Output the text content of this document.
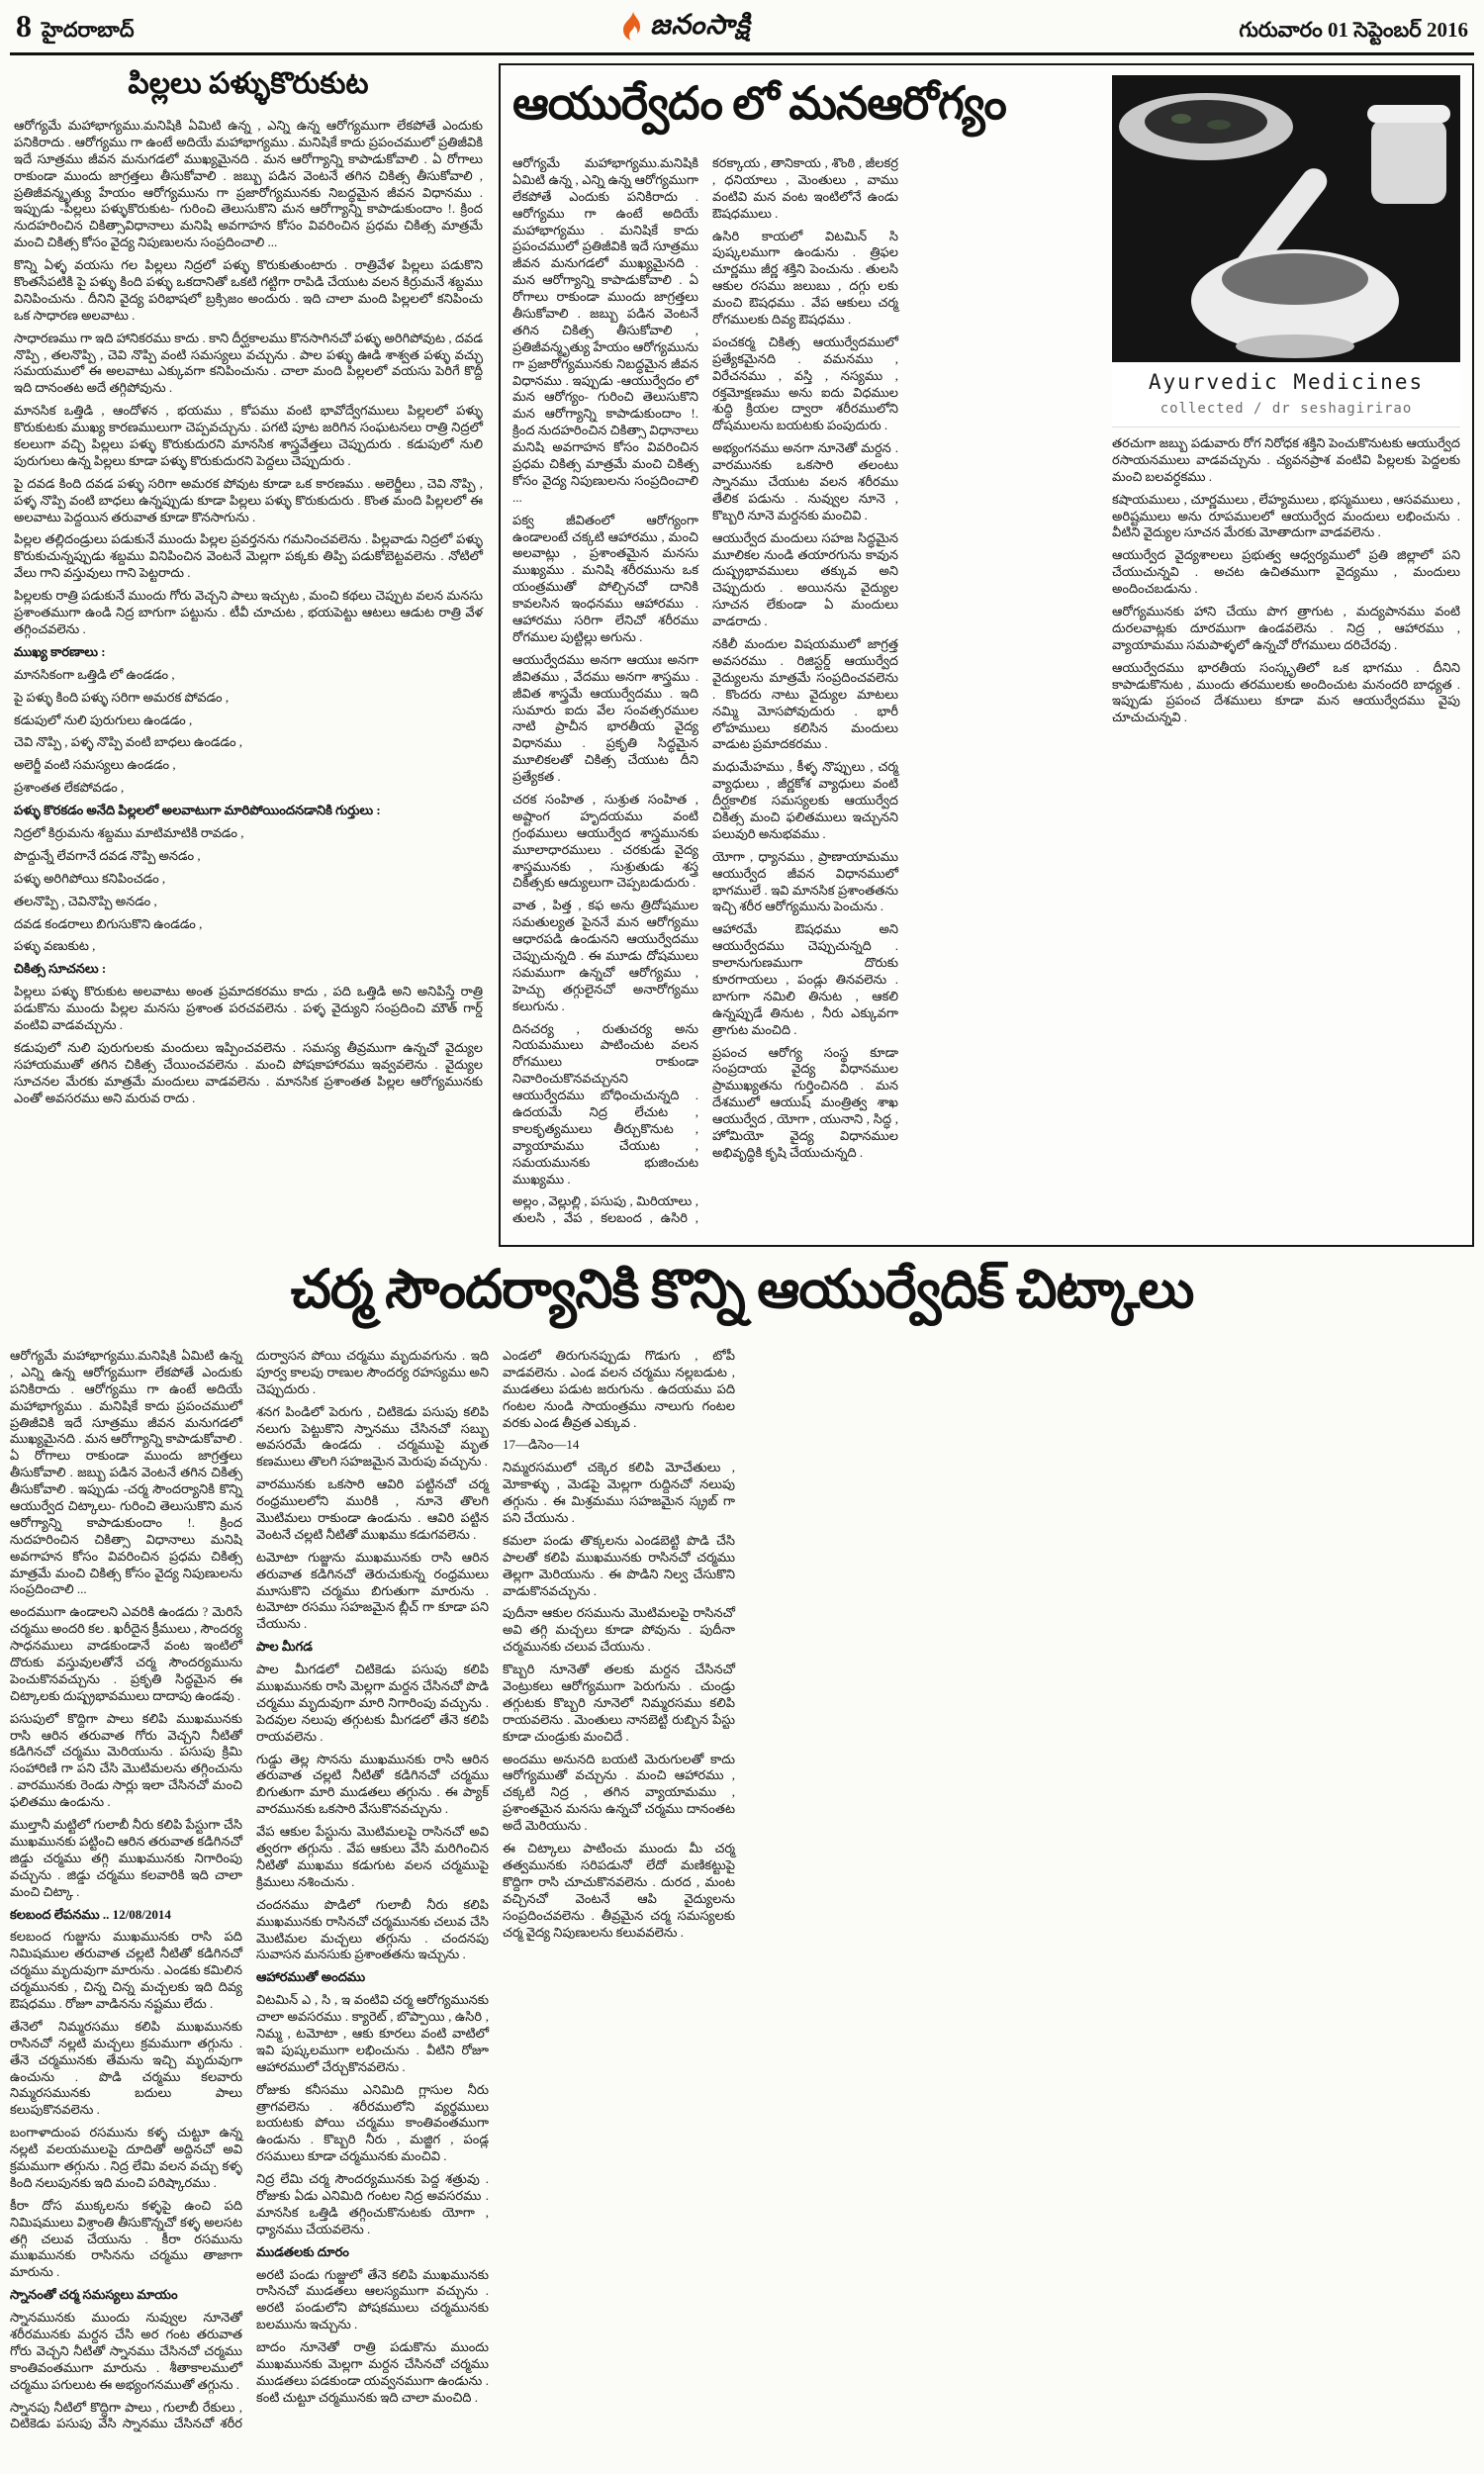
8 హైదరాబాద్	జనంసాక్షి	గురువారం 01 సెప్టెంబర్ 2016
పిల్లలు పళ్ళుకొరుకుట

ఆరోగ్యమే మహాభాగ్యము.మనిషికి ఏమిటి ఉన్న , ఎన్ని ఉన్న ఆరోగ్యముగా లేకపోతే ఎందుకు పనికిరాదు . ఆరోగ్యము గా ఉంటే అదియే మహాభాగ్యము . మనిషికే కాదు ప్రపంచములో ప్రతిజీవికి ఇదే సూత్రము జీవన మనుగడలో ముఖ్యమైనది . మన ఆరోగ్యాన్ని కాపాడుకోవాలి . ఏ రోగాలు రాకుండా ముందు జాగ్రత్తలు తీసుకోవాలి . జబ్బు పడిన వెంటనే తగిన చికిత్స తీసుకోవాలి , ప్రతిజీవన్మృత్యు హేయం ఆరోగ్యమును గా ప్రజారోగ్యమునకు నిబద్ధమైన జీవన విధానము . ఇప్పుడు -పిల్లలు పళ్ళుకొరుకుట- గురించి తెలుసుకొని మన ఆరోగ్యాన్ని కాపాడుకుందాం !. క్రింద నుదహరించిన చికిత్సావిధానాలు మనిషి అవగాహన కోసం వివరించిన ప్రధమ చికిత్స మాత్రమే మంచి చికిత్స కోసం వైద్య నిపుణులను సంప్రదించాలి ...

కొన్ని ఏళ్ళ వయసు గల పిల్లలు నిద్రలో పళ్ళు కొరుకుతుంటారు . రాత్రివేళ పిల్లలు పడుకొని కొంతసేపటికి పై పళ్ళు కింది పళ్ళు ఒకదానితో ఒకటి గట్టిగా రాపిడి చేయుట వలన కిర్రుమనే శబ్దము వినిపించును . దీనిని వైద్య పరిభాషలో బ్రక్సిజం అందురు . ఇది చాలా మంది పిల్లలలో కనిపించు ఒక సాధారణ అలవాటు .

సాధారణము గా ఇది హానికరము కాదు . కాని దీర్ఘకాలము కొనసాగినచో పళ్ళు అరిగిపోవుట , దవడ నొప్పి , తలనొప్పి , చెవి నొప్పి వంటి సమస్యలు వచ్చును . పాల పళ్ళు ఊడి శాశ్వత పళ్ళు వచ్చు సమయములో ఈ అలవాటు ఎక్కువగా కనిపించును . చాలా మంది పిల్లలలో వయసు పెరిగే కొద్దీ ఇది దానంతట అదే తగ్గిపోవును .

మానసిక ఒత్తిడి , ఆందోళన , భయము , కోపము వంటి భావోద్వేగములు పిల్లలలో పళ్ళు కొరుకుటకు ముఖ్య కారణములుగా చెప్పవచ్చును . పగటి పూట జరిగిన సంఘటనలు రాత్రి నిద్రలో కలలుగా వచ్చి పిల్లలు పళ్ళు కొరుకుదురని మానసిక శాస్త్రవేత్తలు చెప్పుదురు . కడుపులో నులి పురుగులు ఉన్న పిల్లలు కూడా పళ్ళు కొరుకుదురని పెద్దలు చెప్పుదురు .

పై దవడ కింది దవడ పళ్ళు సరిగా అమరక పోవుట కూడా ఒక కారణము . అలెర్జీలు , చెవి నొప్పి , పళ్ళ నొప్పి వంటి బాధలు ఉన్నప్పుడు కూడా పిల్లలు పళ్ళు కొరుకుదురు . కొంత మంది పిల్లలలో ఈ అలవాటు పెద్దయిన తరువాత కూడా కొనసాగును .

పిల్లల తల్లిదండ్రులు పడుకునే ముందు పిల్లల ప్రవర్తనను గమనించవలెను . పిల్లవాడు నిద్రలో పళ్ళు కొరుకుచున్నప్పుడు శబ్దము వినిపించిన వెంటనే మెల్లగా పక్కకు తిప్పి పడుకోబెట్టవలెను . నోటిలో వేలు గాని వస్తువులు గాని పెట్టరాదు .

పిల్లలకు రాత్రి పడుకునే ముందు గోరు వెచ్చని పాలు ఇచ్చుట , మంచి కథలు చెప్పుట వలన మనసు ప్రశాంతముగా ఉండి నిద్ర బాగుగా పట్టును . టీవీ చూచుట , భయపెట్టు ఆటలు ఆడుట రాత్రి వేళ తగ్గించవలెను .

ముఖ్య కారణాలు :

మానసికంగా ఒత్తిడి లో ఉండడం ,

పై పళ్ళు కింది పళ్ళు సరిగా అమరక పోవడం ,

కడుపులో నులి పురుగులు ఉండడం ,

చెవి నొప్పి , పళ్ళ నొప్పి వంటి బాధలు ఉండడం ,

అలెర్జీ వంటి సమస్యలు ఉండడం ,

ప్రశాంతత లేకపోవడం ,

పళ్ళు కొరకడం అనేది పిల్లలలో అలవాటుగా మారిపోయిందనడానికి గుర్తులు :

నిద్రలో కిర్రుమను శబ్దము మాటిమాటికి రావడం ,

పొద్దున్నే లేవగానే దవడ నొప్పి అనడం ,

పళ్ళు అరిగిపోయి కనిపించడం ,

తలనొప్పి , చెవినొప్పి అనడం ,

దవడ కండరాలు బిగుసుకొని ఉండడం ,

పళ్ళు వణుకుట ,

చికిత్స సూచనలు :

పిల్లలు పళ్ళు కొరుకుట అలవాటు అంత ప్రమాదకరము కాదు , పది ఒత్తిడి అని అనిపిస్తే రాత్రి పడుకొను ముందు పిల్లల మనసు ప్రశాంత పరచవలెను . పళ్ళ వైద్యుని సంప్రదించి మౌత్ గార్డ్ వంటివి వాడవచ్చును .

కడుపులో నులి పురుగులకు మందులు ఇప్పించవలెను . సమస్య తీవ్రముగా ఉన్నచో వైద్యుల సహాయముతో తగిన చికిత్స చేయించవలెను . మంచి పోషకాహారము ఇవ్వవలెను . వైద్యుల సూచనల మేరకు మాత్రమే మందులు వాడవలెను . మానసిక ప్రశాంతత పిల్లల ఆరోగ్యమునకు ఎంతో అవసరము అని మరువ రాదు .

ఆయుర్వేదం లో మనఆరోగ్యం

ఆరోగ్యమే మహాభాగ్యము.మనిషికి ఏమిటి ఉన్న , ఎన్ని ఉన్న ఆరోగ్యముగా లేకపోతే ఎందుకు పనికిరాదు . ఆరోగ్యము గా ఉంటే అదియే మహాభాగ్యము . మనిషికే కాదు ప్రపంచములో ప్రతిజీవికి ఇదే సూత్రము జీవన మనుగడలో ముఖ్యమైనది . మన ఆరోగ్యాన్ని కాపాడుకోవాలి . ఏ రోగాలు రాకుండా ముందు జాగ్రత్తలు తీసుకోవాలి . జబ్బు పడిన వెంటనే తగిన చికిత్స తీసుకోవాలి , ప్రతిజీవన్మృత్యు హేయం ఆరోగ్యమును గా ప్రజారోగ్యమునకు నిబద్ధమైన జీవన విధానము . ఇప్పుడు -ఆయుర్వేదం లో మన ఆరోగ్యం- గురించి తెలుసుకొని మన ఆరోగ్యాన్ని కాపాడుకుందాం !. క్రింద నుదహరించిన చికిత్సా విధానాలు మనిషి అవగాహన కోసం వివరించిన ప్రధమ చికిత్స మాత్రమే మంచి చికిత్స కోసం వైద్య నిపుణులను సంప్రదించాలి ...

పక్వ జీవితంలో ఆరోగ్యంగా ఉండాలంటే చక్కటి ఆహారము , మంచి అలవాట్లు , ప్రశాంతమైన మనసు ముఖ్యము . మనిషి శరీరమును ఒక యంత్రముతో పోల్చినచో దానికి కావలసిన ఇంధనము ఆహారము . ఆహారము సరిగా లేనిచో శరీరము రోగముల పుట్టిల్లు అగును .

ఆయుర్వేదము అనగా ఆయుః అనగా జీవితము , వేదము అనగా శాస్త్రము . జీవిత శాస్త్రమే ఆయుర్వేదము . ఇది సుమారు ఐదు వేల సంవత్సరముల నాటి ప్రాచీన భారతీయ వైద్య విధానము . ప్రకృతి సిద్ధమైన మూలికలతో చికిత్స చేయుట దీని ప్రత్యేకత .

చరక సంహిత , సుశ్రుత సంహిత , అష్టాంగ హృదయము వంటి గ్రంథములు ఆయుర్వేద శాస్త్రమునకు మూలాధారములు . చరకుడు వైద్య శాస్త్రమునకు , సుశ్రుతుడు శస్త్ర చికిత్సకు ఆద్యులుగా చెప్పబడుదురు .

వాత , పిత్త , కఫ అను త్రిదోషముల సమతుల్యత పైననే మన ఆరోగ్యము ఆధారపడి ఉండునని ఆయుర్వేదము చెప్పుచున్నది . ఈ మూడు దోషములు సమముగా ఉన్నచో ఆరోగ్యము , హెచ్చు తగ్గులైనచో అనారోగ్యము కలుగును .

దినచర్య , రుతుచర్య అను నియమములు పాటించుట వలన రోగములు రాకుండా నివారించుకొనవచ్చునని ఆయుర్వేదము బోధించుచున్నది . ఉదయమే నిద్ర లేచుట , కాలకృత్యములు తీర్చుకొనుట , వ్యాయామము చేయుట , సమయమునకు భుజించుట ముఖ్యము .

అల్లం , వెల్లుల్లి , పసుపు , మిరియాలు , తులసి , వేప , కలబంద , ఉసిరి , కరక్కాయ , తానికాయ , శొంఠి , జీలకర్ర , ధనియాలు , మెంతులు , వాము వంటివి మన వంట ఇంటిలోనే ఉండు ఔషధములు .

ఉసిరి కాయలో విటమిన్ సి పుష్కలముగా ఉండును . త్రిఫల చూర్ణము జీర్ణ శక్తిని పెంచును . తులసి ఆకుల రసము జలుబు , దగ్గు లకు మంచి ఔషధము . వేప ఆకులు చర్మ రోగములకు దివ్య ఔషధము .

పంచకర్మ చికిత్స ఆయుర్వేదములో ప్రత్యేకమైనది . వమనము , విరేచనము , వస్తి , నస్యము , రక్తమోక్షణము అను ఐదు విధముల శుద్ధి క్రియల ద్వారా శరీరములోని దోషములను బయటకు పంపుదురు .

అభ్యంగనము అనగా నూనెతో మర్దన . వారమునకు ఒకసారి తలంటు స్నానము చేయుట వలన శరీరము తేలిక పడును . నువ్వుల నూనె , కొబ్బరి నూనె మర్దనకు మంచివి .

ఆయుర్వేద మందులు సహజ సిద్ధమైన మూలికల నుండి తయారగును కావున దుష్ప్రభావములు తక్కువ అని చెప్పుదురు . అయినను వైద్యుల సూచన లేకుండా ఏ మందులు వాడరాదు .

నకిలీ మందుల విషయములో జాగ్రత్త అవసరము . రిజిస్టర్డ్ ఆయుర్వేద వైద్యులను మాత్రమే సంప్రదించవలెను . కొందరు నాటు వైద్యుల మాటలు నమ్మి మోసపోవుదురు . భారీ లోహములు కలిసిన మందులు వాడుట ప్రమాదకరము .

మధుమేహము , కీళ్ళ నొప్పులు , చర్మ వ్యాధులు , జీర్ణకోశ వ్యాధులు వంటి దీర్ఘకాలిక సమస్యలకు ఆయుర్వేద చికిత్స మంచి ఫలితములు ఇచ్చునని పలువురి అనుభవము .

యోగా , ధ్యానము , ప్రాణాయామము ఆయుర్వేద జీవన విధానములో భాగములే . ఇవి మానసిక ప్రశాంతతను ఇచ్చి శరీర ఆరోగ్యమును పెంచును .

ఆహారమే ఔషధము అని ఆయుర్వేదము చెప్పుచున్నది . కాలానుగుణముగా దొరుకు కూరగాయలు , పండ్లు తినవలెను . బాగుగా నమిలి తినుట , ఆకలి ఉన్నప్పుడే తినుట , నీరు ఎక్కువగా త్రాగుట మంచిది .

ప్రపంచ ఆరోగ్య సంస్థ కూడా సంప్రదాయ వైద్య విధానముల ప్రాముఖ్యతను గుర్తించినది . మన దేశములో ఆయుష్ మంత్రిత్వ శాఖ ఆయుర్వేద , యోగా , యునాని , సిద్ధ , హోమియో వైద్య విధానముల అభివృద్ధికి కృషి చేయుచున్నది .

Ayurvedic Medicines
collected / dr seshagirirao

తరచుగా జబ్బు పడువారు రోగ నిరోధక శక్తిని పెంచుకొనుటకు ఆయుర్వేద రసాయనములు వాడవచ్చును . చ్యవనప్రాశ వంటివి పిల్లలకు పెద్దలకు మంచి బలవర్ధకము .

కషాయములు , చూర్ణములు , లేహ్యములు , భస్మములు , ఆసవములు , అరిష్టములు అను రూపములలో ఆయుర్వేద మందులు లభించును . వీటిని వైద్యుల సూచన మేరకు మోతాదుగా వాడవలెను .

ఆయుర్వేద వైద్యశాలలు ప్రభుత్వ ఆధ్వర్యములో ప్రతి జిల్లాలో పని చేయుచున్నవి . అచట ఉచితముగా వైద్యము , మందులు అందించబడును .

ఆరోగ్యమునకు హాని చేయు పొగ త్రాగుట , మద్యపానము వంటి దురలవాట్లకు దూరముగా ఉండవలెను . నిద్ర , ఆహారము , వ్యాయామము సమపాళ్ళలో ఉన్నచో రోగములు దరిచేరవు .

ఆయుర్వేదము భారతీయ సంస్కృతిలో ఒక భాగము . దీనిని కాపాడుకొనుట , ముందు తరములకు అందించుట మనందరి బాధ్యత . ఇప్పుడు ప్రపంచ దేశములు కూడా మన ఆయుర్వేదము వైపు చూచుచున్నవి .

చర్మ సౌందర్యానికి కొన్ని ఆయుర్వేదిక్ చిట్కాలు

ఆరోగ్యమే మహాభాగ్యము.మనిషికి ఏమిటి ఉన్న , ఎన్ని ఉన్న ఆరోగ్యముగా లేకపోతే ఎందుకు పనికిరాదు . ఆరోగ్యము గా ఉంటే అదియే మహాభాగ్యము . మనిషికే కాదు ప్రపంచములో ప్రతిజీవికి ఇదే సూత్రము జీవన మనుగడలో ముఖ్యమైనది . మన ఆరోగ్యాన్ని కాపాడుకోవాలి . ఏ రోగాలు రాకుండా ముందు జాగ్రత్తలు తీసుకోవాలి . జబ్బు పడిన వెంటనే తగిన చికిత్స తీసుకోవాలి . ఇప్పుడు -చర్మ సౌందర్యానికి కొన్ని ఆయుర్వేద చిట్కాలు- గురించి తెలుసుకొని మన ఆరోగ్యాన్ని కాపాడుకుందాం !. క్రింద నుదహరించిన చికిత్సా విధానాలు మనిషి అవగాహన కోసం వివరించిన ప్రధమ చికిత్స మాత్రమే మంచి చికిత్స కోసం వైద్య నిపుణులను సంప్రదించాలి ...

అందముగా ఉండాలని ఎవరికి ఉండదు ? మెరిసే చర్మము అందరి కల . ఖరీదైన క్రీములు , సౌందర్య సాధనములు వాడకుండానే వంట ఇంటిలో దొరుకు వస్తువులతోనే చర్మ సౌందర్యమును పెంచుకొనవచ్చును . ప్రకృతి సిద్ధమైన ఈ చిట్కాలకు దుష్ప్రభావములు దాదాపు ఉండవు .

పసుపులో కొద్దిగా పాలు కలిపి ముఖమునకు రాసి ఆరిన తరువాత గోరు వెచ్చని నీటితో కడిగినచో చర్మము మెరియును . పసుపు క్రిమి సంహారిణి గా పని చేసి మొటిమలను తగ్గించును . వారమునకు రెండు సార్లు ఇలా చేసినచో మంచి ఫలితము ఉండును .

ముల్తానీ మట్టిలో గులాబీ నీరు కలిపి పేస్టుగా చేసి ముఖమునకు పట్టించి ఆరిన తరువాత కడిగినచో జిడ్డు చర్మము తగ్గి ముఖమునకు నిగారింపు వచ్చును . జిడ్డు చర్మము కలవారికి ఇది చాలా మంచి చిట్కా .

కలబంద లేపనము .. 12/08/2014

కలబంద గుజ్జును ముఖమునకు రాసి పది నిమిషముల తరువాత చల్లటి నీటితో కడిగినచో చర్మము మృదువుగా మారును . ఎండకు కమిలిన చర్మమునకు , చిన్న చిన్న మచ్చలకు ఇది దివ్య ఔషధము . రోజూ వాడినను నష్టము లేదు .

తేనెలో నిమ్మరసము కలిపి ముఖమునకు రాసినచో నల్లటి మచ్చలు క్రమముగా తగ్గును . తేనె చర్మమునకు తేమను ఇచ్చి మృదువుగా ఉంచును . పొడి చర్మము కలవారు నిమ్మరసమునకు బదులు పాలు కలుపుకొనవలెను .

బంగాళాదుంప రసమును కళ్ళ చుట్టూ ఉన్న నల్లటి వలయములపై దూదితో అద్దినచో అవి క్రమముగా తగ్గును . నిద్ర లేమి వలన వచ్చు కళ్ళ కింది నలుపునకు ఇది మంచి పరిష్కారము .

కీరా దోస ముక్కలను కళ్ళపై ఉంచి పది నిమిషములు విశ్రాంతి తీసుకొన్నచో కళ్ళ అలసట తగ్గి చలువ చేయును . కీరా రసమును ముఖమునకు రాసినను చర్మము తాజాగా మారును .

స్నానంతో చర్మ సమస్యలు మాయం

స్నానమునకు ముందు నువ్వుల నూనెతో శరీరమునకు మర్దన చేసి అర గంట తరువాత గోరు వెచ్చని నీటితో స్నానము చేసినచో చర్మము కాంతివంతముగా మారును . శీతాకాలములో చర్మము పగులుట ఈ అభ్యంగనముతో తగ్గును .

స్నానపు నీటిలో కొద్దిగా పాలు , గులాబీ రేకులు , చిటికెడు పసుపు వేసి స్నానము చేసినచో శరీర దుర్వాసన పోయి చర్మము మృదువగును . ఇది పూర్వ కాలపు రాణుల సౌందర్య రహస్యము అని చెప్పుదురు .

శనగ పిండిలో పెరుగు , చిటికెడు పసుపు కలిపి నలుగు పెట్టుకొని స్నానము చేసినచో సబ్బు అవసరమే ఉండదు . చర్మముపై మృత కణములు తొలగి సహజమైన మెరుపు వచ్చును .

వారమునకు ఒకసారి ఆవిరి పట్టినచో చర్మ రంధ్రములలోని మురికి , నూనె తొలగి మొటిమలు రాకుండా ఉండును . ఆవిరి పట్టిన వెంటనే చల్లటి నీటితో ముఖము కడుగవలెను .

టమోటా గుజ్జును ముఖమునకు రాసి ఆరిన తరువాత కడిగినచో తెరుచుకున్న రంధ్రములు మూసుకొని చర్మము బిగుతుగా మారును . టమోటా రసము సహజమైన బ్లీచ్ గా కూడా పని చేయును .

పాల మీగడ

పాల మీగడలో చిటికెడు పసుపు కలిపి ముఖమునకు రాసి మెల్లగా మర్దన చేసినచో పొడి చర్మము మృదువుగా మారి నిగారింపు వచ్చును . పెదవుల నలుపు తగ్గుటకు మీగడలో తేనె కలిపి రాయవలెను .

గుడ్డు తెల్ల సొనను ముఖమునకు రాసి ఆరిన తరువాత చల్లటి నీటితో కడిగినచో చర్మము బిగుతుగా మారి ముడతలు తగ్గును . ఈ ప్యాక్ వారమునకు ఒకసారి వేసుకొనవచ్చును .

వేప ఆకుల పేస్టును మొటిమలపై రాసినచో అవి త్వరగా తగ్గును . వేప ఆకులు వేసి మరిగించిన నీటితో ముఖము కడుగుట వలన చర్మముపై క్రిములు నశించును .

చందనము పొడిలో గులాబీ నీరు కలిపి ముఖమునకు రాసినచో చర్మమునకు చలువ చేసి మొటిమల మచ్చలు తగ్గును . చందనపు సువాసన మనసుకు ప్రశాంతతను ఇచ్చును .

ఆహారముతో అందము

విటమిన్ ఎ , సి , ఇ వంటివి చర్మ ఆరోగ్యమునకు చాలా అవసరము . క్యారెట్ , బొప్పాయి , ఉసిరి , నిమ్మ , టమోటా , ఆకు కూరలు వంటి వాటిలో ఇవి పుష్కలముగా లభించును . వీటిని రోజూ ఆహారములో చేర్చుకొనవలెను .

రోజుకు కనీసము ఎనిమిది గ్లాసుల నీరు త్రాగవలెను . శరీరములోని వ్యర్థములు బయటకు పోయి చర్మము కాంతివంతముగా ఉండును . కొబ్బరి నీరు , మజ్జిగ , పండ్ల రసములు కూడా చర్మమునకు మంచివి .

నిద్ర లేమి చర్మ సౌందర్యమునకు పెద్ద శత్రువు . రోజుకు ఏడు ఎనిమిది గంటల నిద్ర అవసరము . మానసిక ఒత్తిడి తగ్గించుకొనుటకు యోగా , ధ్యానము చేయవలెను .

ముడతలకు దూరం

అరటి పండు గుజ్జులో తేనె కలిపి ముఖమునకు రాసినచో ముడతలు ఆలస్యముగా వచ్చును . అరటి పండులోని పోషకములు చర్మమునకు బలమును ఇచ్చును .

బాదం నూనెతో రాత్రి పడుకొను ముందు ముఖమునకు మెల్లగా మర్దన చేసినచో చర్మము ముడతలు పడకుండా యవ్వనముగా ఉండును . కంటి చుట్టూ చర్మమునకు ఇది చాలా మంచిది .

ఎండలో తిరుగునప్పుడు గొడుగు , టోపీ వాడవలెను . ఎండ వలన చర్మము నల్లబడుట , ముడతలు పడుట జరుగును . ఉదయము పది గంటల నుండి సాయంత్రము నాలుగు గంటల వరకు ఎండ తీవ్రత ఎక్కువ .

17—డిసెం—14

నిమ్మరసములో చక్కెర కలిపి మోచేతులు , మోకాళ్ళు , మెడపై మెల్లగా రుద్దినచో నలుపు తగ్గును . ఈ మిశ్రమము సహజమైన స్క్రబ్ గా పని చేయును .

కమలా పండు తొక్కలను ఎండబెట్టి పొడి చేసి పాలతో కలిపి ముఖమునకు రాసినచో చర్మము తెల్లగా మెరియును . ఈ పొడిని నిల్వ చేసుకొని వాడుకొనవచ్చును .

పుదీనా ఆకుల రసమును మొటిమలపై రాసినచో అవి తగ్గి మచ్చలు కూడా పోవును . పుదీనా చర్మమునకు చలువ చేయును .

కొబ్బరి నూనెతో తలకు మర్దన చేసినచో వెంట్రుకలు ఆరోగ్యముగా పెరుగును . చుండ్రు తగ్గుటకు కొబ్బరి నూనెలో నిమ్మరసము కలిపి రాయవలెను . మెంతులు నానబెట్టి రుబ్బిన పేస్టు కూడా చుండ్రుకు మంచిదే .

అందము అనునది బయటి మెరుగులతో కాదు ఆరోగ్యముతో వచ్చును . మంచి ఆహారము , చక్కటి నిద్ర , తగిన వ్యాయామము , ప్రశాంతమైన మనసు ఉన్నచో చర్మము దానంతట అదే మెరియును .

ఈ చిట్కాలు పాటించు ముందు మీ చర్మ తత్వమునకు సరిపడునో లేదో మణికట్టుపై కొద్దిగా రాసి చూచుకొనవలెను . దురద , మంట వచ్చినచో వెంటనే ఆపి వైద్యులను సంప్రదించవలెను . తీవ్రమైన చర్మ సమస్యలకు చర్మ వైద్య నిపుణులను కలువవలెను .
